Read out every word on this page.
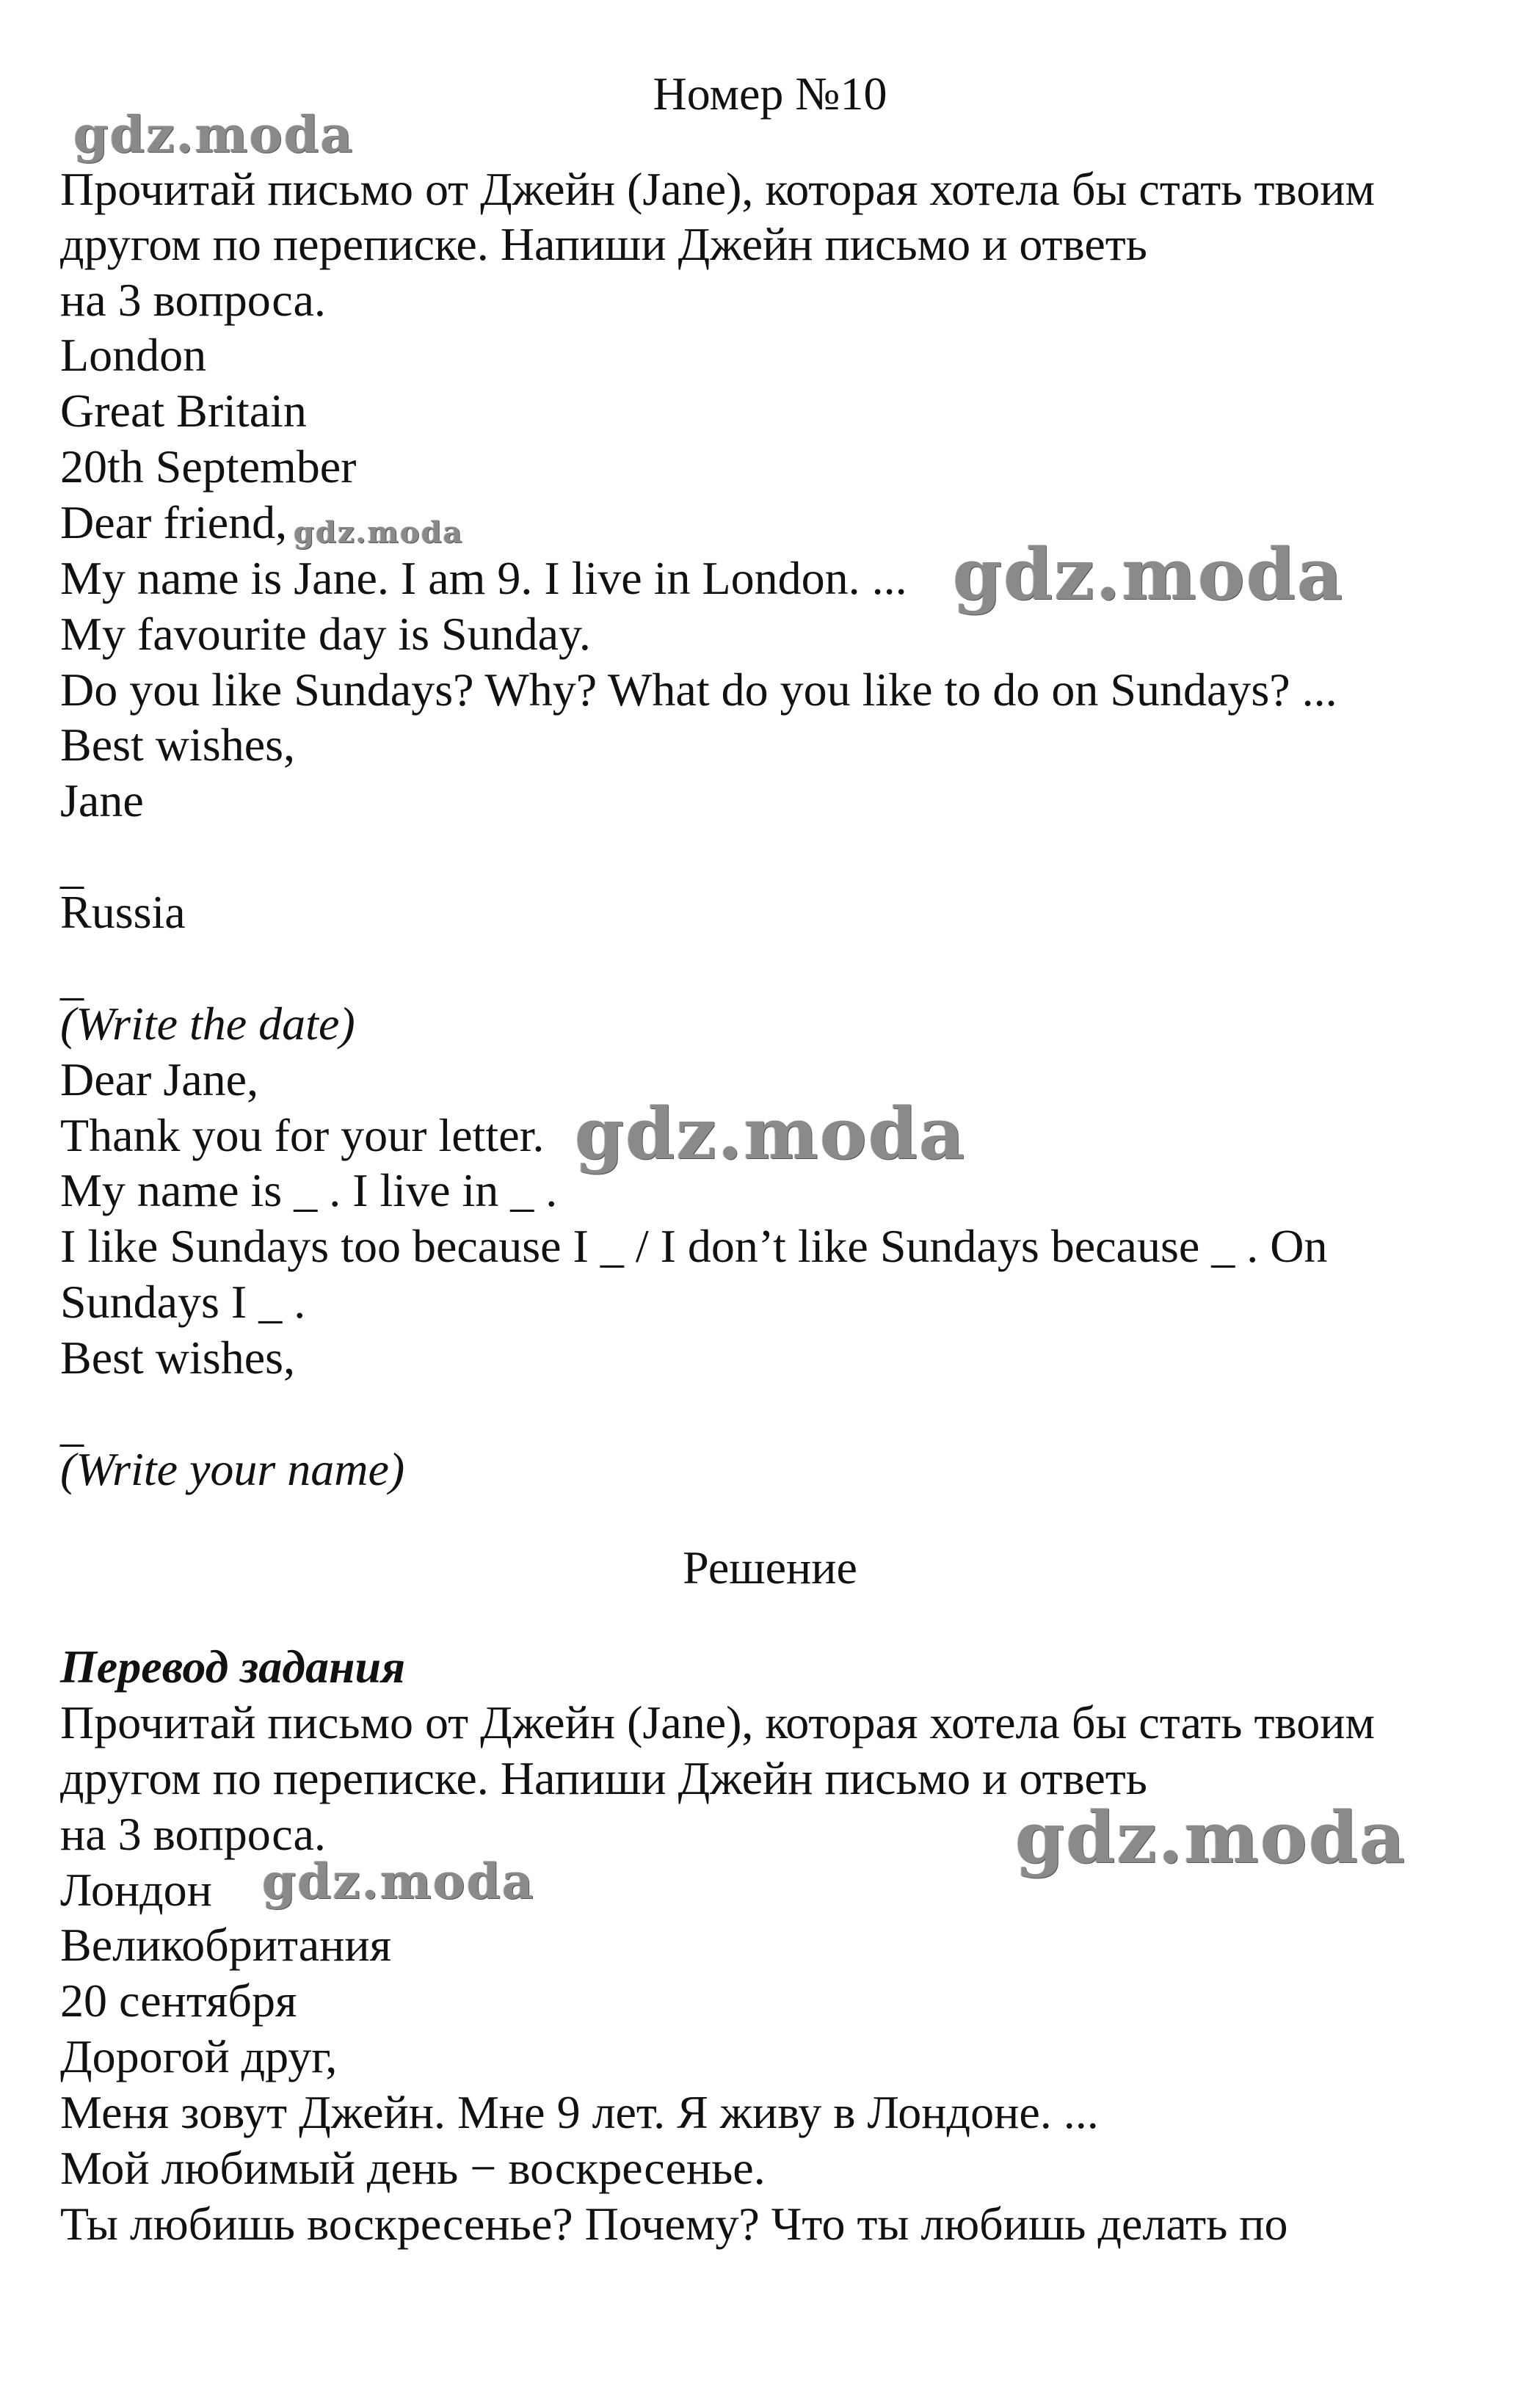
Номер №10
Прочитай письмо от Джейн (Jane), которая хотела бы стать твоим
другом по переписке. Напиши Джейн письмо и ответь
на 3 вопроса.
London
Great Britain
20th September
Dear friend,
My name is Jane. I am 9. I live in London. ...
My favourite day is Sunday.
Do you like Sundays? Why? What do you like to do on Sundays? ...
Best wishes,
Jane
_
Russia
_
(Write the date)
Dear Jane,
Thank you for your letter.
My name is _ . I live in _ .
I like Sundays too because I _ / I don’t like Sundays because _ . On
Sundays I _ .
Best wishes,
_
(Write your name)
Решение
Перевод задания
Прочитай письмо от Джейн (Jane), которая хотела бы стать твоим
другом по переписке. Напиши Джейн письмо и ответь
на 3 вопроса.
Лондон
Великобритания
20 сентября
Дорогой друг,
Меня зовут Джейн. Мне 9 лет. Я живу в Лондоне. ...
Мой любимый день − воскресенье.
Ты любишь воскресенье? Почему? Что ты любишь делать по
gdz.moda
gdz.moda
gdz.moda
gdz.moda
gdz.moda
gdz.moda
